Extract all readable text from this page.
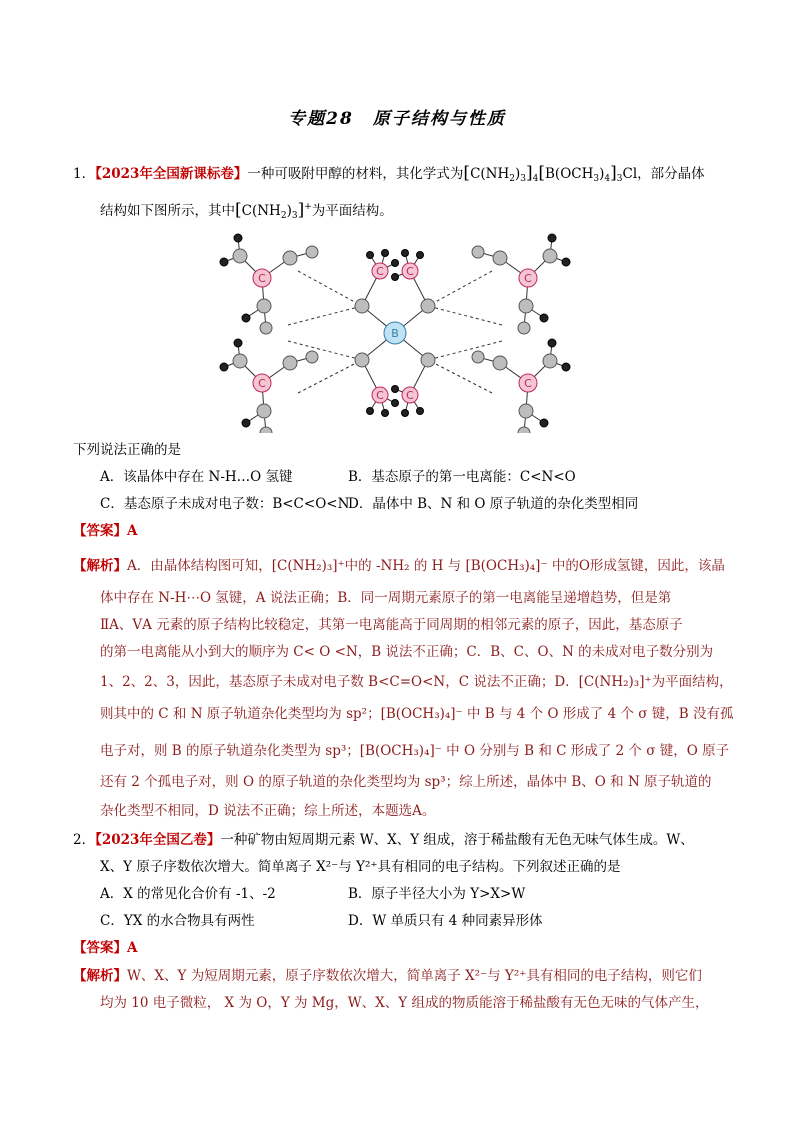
专题28　原子结构与性质
1．【2023年全国新课标卷】一种可吸附甲醇的材料，其化学式为$[C(NH_2)_3]_4[B(OCH_3)_4]_3Cl$，部分晶体
结构如下图所示，其中$[C(NH_2)_3]^+$为平面结构。
C
C
C
C
C C
C C
B
下列说法正确的是
A．该晶体中存在 N-H…O 氢键	B．基态原子的第一电离能：C<N<O
C．基态原子未成对电子数：B<C<O<N
D．晶体中 B、N 和 O 原子轨道的杂化类型相同
【答案】A
【解析】A．由晶体结构图可知，[C(NH₂)₃]⁺中的 -NH₂ 的 H 与 [B(OCH₃)₄]⁻ 中的O形成氢键，因此，该晶
体中存在 N-H⋯O 氢键，A 说法正确；B．同一周期元素原子的第一电离能呈递增趋势，但是第
ⅡA、ⅤA 元素的原子结构比较稳定，其第一电离能高于同周期的相邻元素的原子，因此，基态原子
的第一电离能从小到大的顺序为 C< O <N，B 说法不正确；C．B、C、O、N 的未成对电子数分别为
1、2、2、3，因此，基态原子未成对电子数 B<C=O<N，C 说法不正确；D．[C(NH₂)₃]⁺为平面结构，
则其中的 C 和 N 原子轨道杂化类型均为 sp²；[B(OCH₃)₄]⁻ 中 B 与 4 个 O 形成了 4 个 σ 键，B 没有孤
电子对，则 B 的原子轨道杂化类型为 sp³；[B(OCH₃)₄]⁻ 中 O 分别与 B 和 C 形成了 2 个 σ 键，O 原子
还有 2 个孤电子对，则 O 的原子轨道的杂化类型均为 sp³；综上所述，晶体中 B、O 和 N 原子轨道的
杂化类型不相同，D 说法不正确；综上所述，本题选A。
2．【2023年全国乙卷】一种矿物由短周期元素 W、X、Y 组成，溶于稀盐酸有无色无味气体生成。W、
X、Y 原子序数依次增大。简单离子 X²⁻与 Y²⁺具有相同的电子结构。下列叙述正确的是
A．X 的常见化合价有 -1、-2	B．原子半径大小为 Y>X>W
C．YX 的水合物具有两性	D．W 单质只有 4 种同素异形体
【答案】A
【解析】W、X、Y 为短周期元素，原子序数依次增大，简单离子 X²⁻与 Y²⁺具有相同的电子结构，则它们
均为 10 电子微粒， X 为 O，Y 为 Mg，W、X、Y 组成的物质能溶于稀盐酸有无色无味的气体产生，
